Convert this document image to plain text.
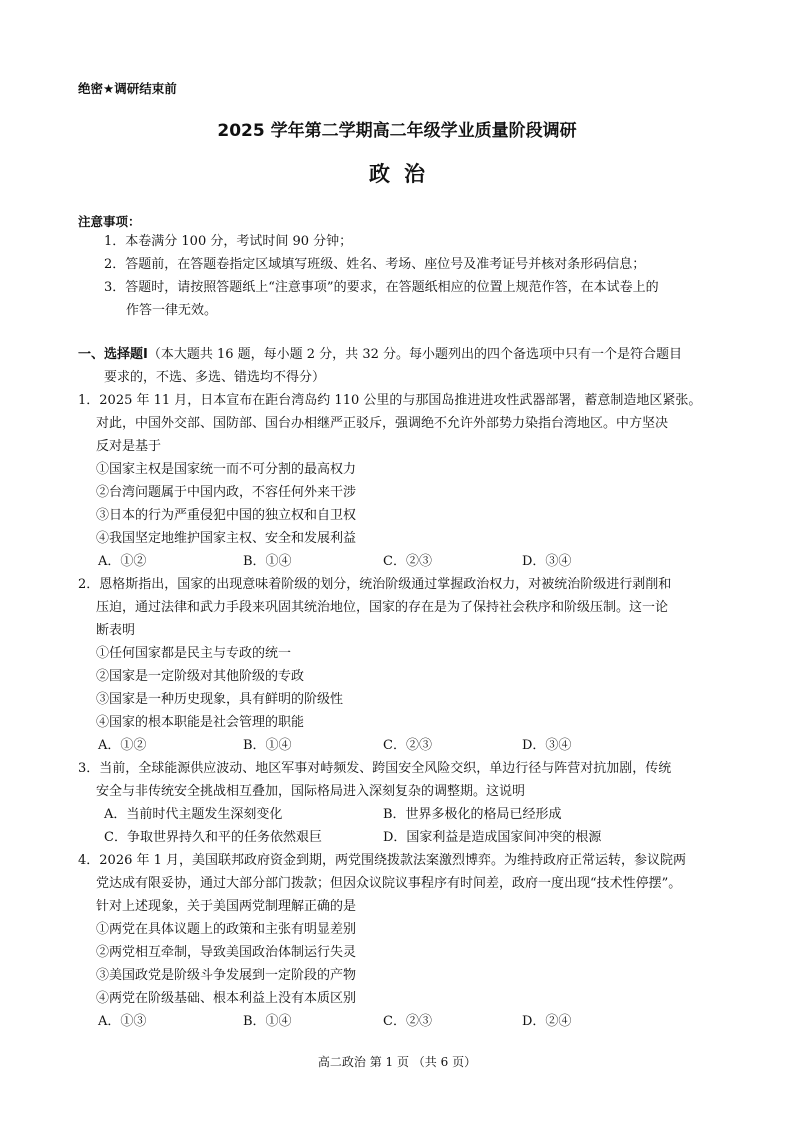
绝密★调研结束前
2025 学年第二学期高二年级学业质量阶段调研
政治
注意事项：
1．本卷满分 100 分，考试时间 90 分钟；
2．答题前，在答题卷指定区域填写班级、姓名、考场、座位号及准考证号并核对条形码信息；
3．答题时，请按照答题纸上“注意事项”的要求，在答题纸相应的位置上规范作答，在本试卷上的
作答一律无效。
一、选择题Ⅰ（本大题共 16 题，每小题 2 分，共 32 分。每小题列出的四个备选项中只有一个是符合题目
要求的，不选、多选、错选均不得分）
1．2025 年 11 月，日本宣布在距台湾岛约 110 公里的与那国岛推进进攻性武器部署，蓄意制造地区紧张。
对此，中国外交部、国防部、国台办相继严正驳斥，强调绝不允许外部势力染指台湾地区。中方坚决
反对是基于
①国家主权是国家统一而不可分割的最高权力
②台湾问题属于中国内政，不容任何外来干涉
③日本的行为严重侵犯中国的独立权和自卫权
④我国坚定地维护国家主权、安全和发展利益
A．①②	B．①④	C．②③	D．③④
2．恩格斯指出，国家的出现意味着阶级的划分，统治阶级通过掌握政治权力，对被统治阶级进行剥削和
压迫，通过法律和武力手段来巩固其统治地位，国家的存在是为了保持社会秩序和阶级压制。这一论
断表明
①任何国家都是民主与专政的统一
②国家是一定阶级对其他阶级的专政
③国家是一种历史现象，具有鲜明的阶级性
④国家的根本职能是社会管理的职能
A．①②	B．①④	C．②③	D．③④
3．当前，全球能源供应波动、地区军事对峙频发、跨国安全风险交织，单边行径与阵营对抗加剧，传统
安全与非传统安全挑战相互叠加，国际格局进入深刻复杂的调整期。这说明
A．当前时代主题发生深刻变化	B．世界多极化的格局已经形成
C．争取世界持久和平的任务依然艰巨	D．国家利益是造成国家间冲突的根源
4．2026 年 1 月，美国联邦政府资金到期，两党围绕拨款法案激烈博弈。为维持政府正常运转，参议院两
党达成有限妥协，通过大部分部门拨款；但因众议院议事程序有时间差，政府一度出现“技术性停摆”。
针对上述现象，关于美国两党制理解正确的是
①两党在具体议题上的政策和主张有明显差别
②两党相互牵制，导致美国政治体制运行失灵
③美国政党是阶级斗争发展到一定阶段的产物
④两党在阶级基础、根本利益上没有本质区别
A．①③	B．①④	C．②③	D．②④
高二政治 第 1 页 （共 6 页）
